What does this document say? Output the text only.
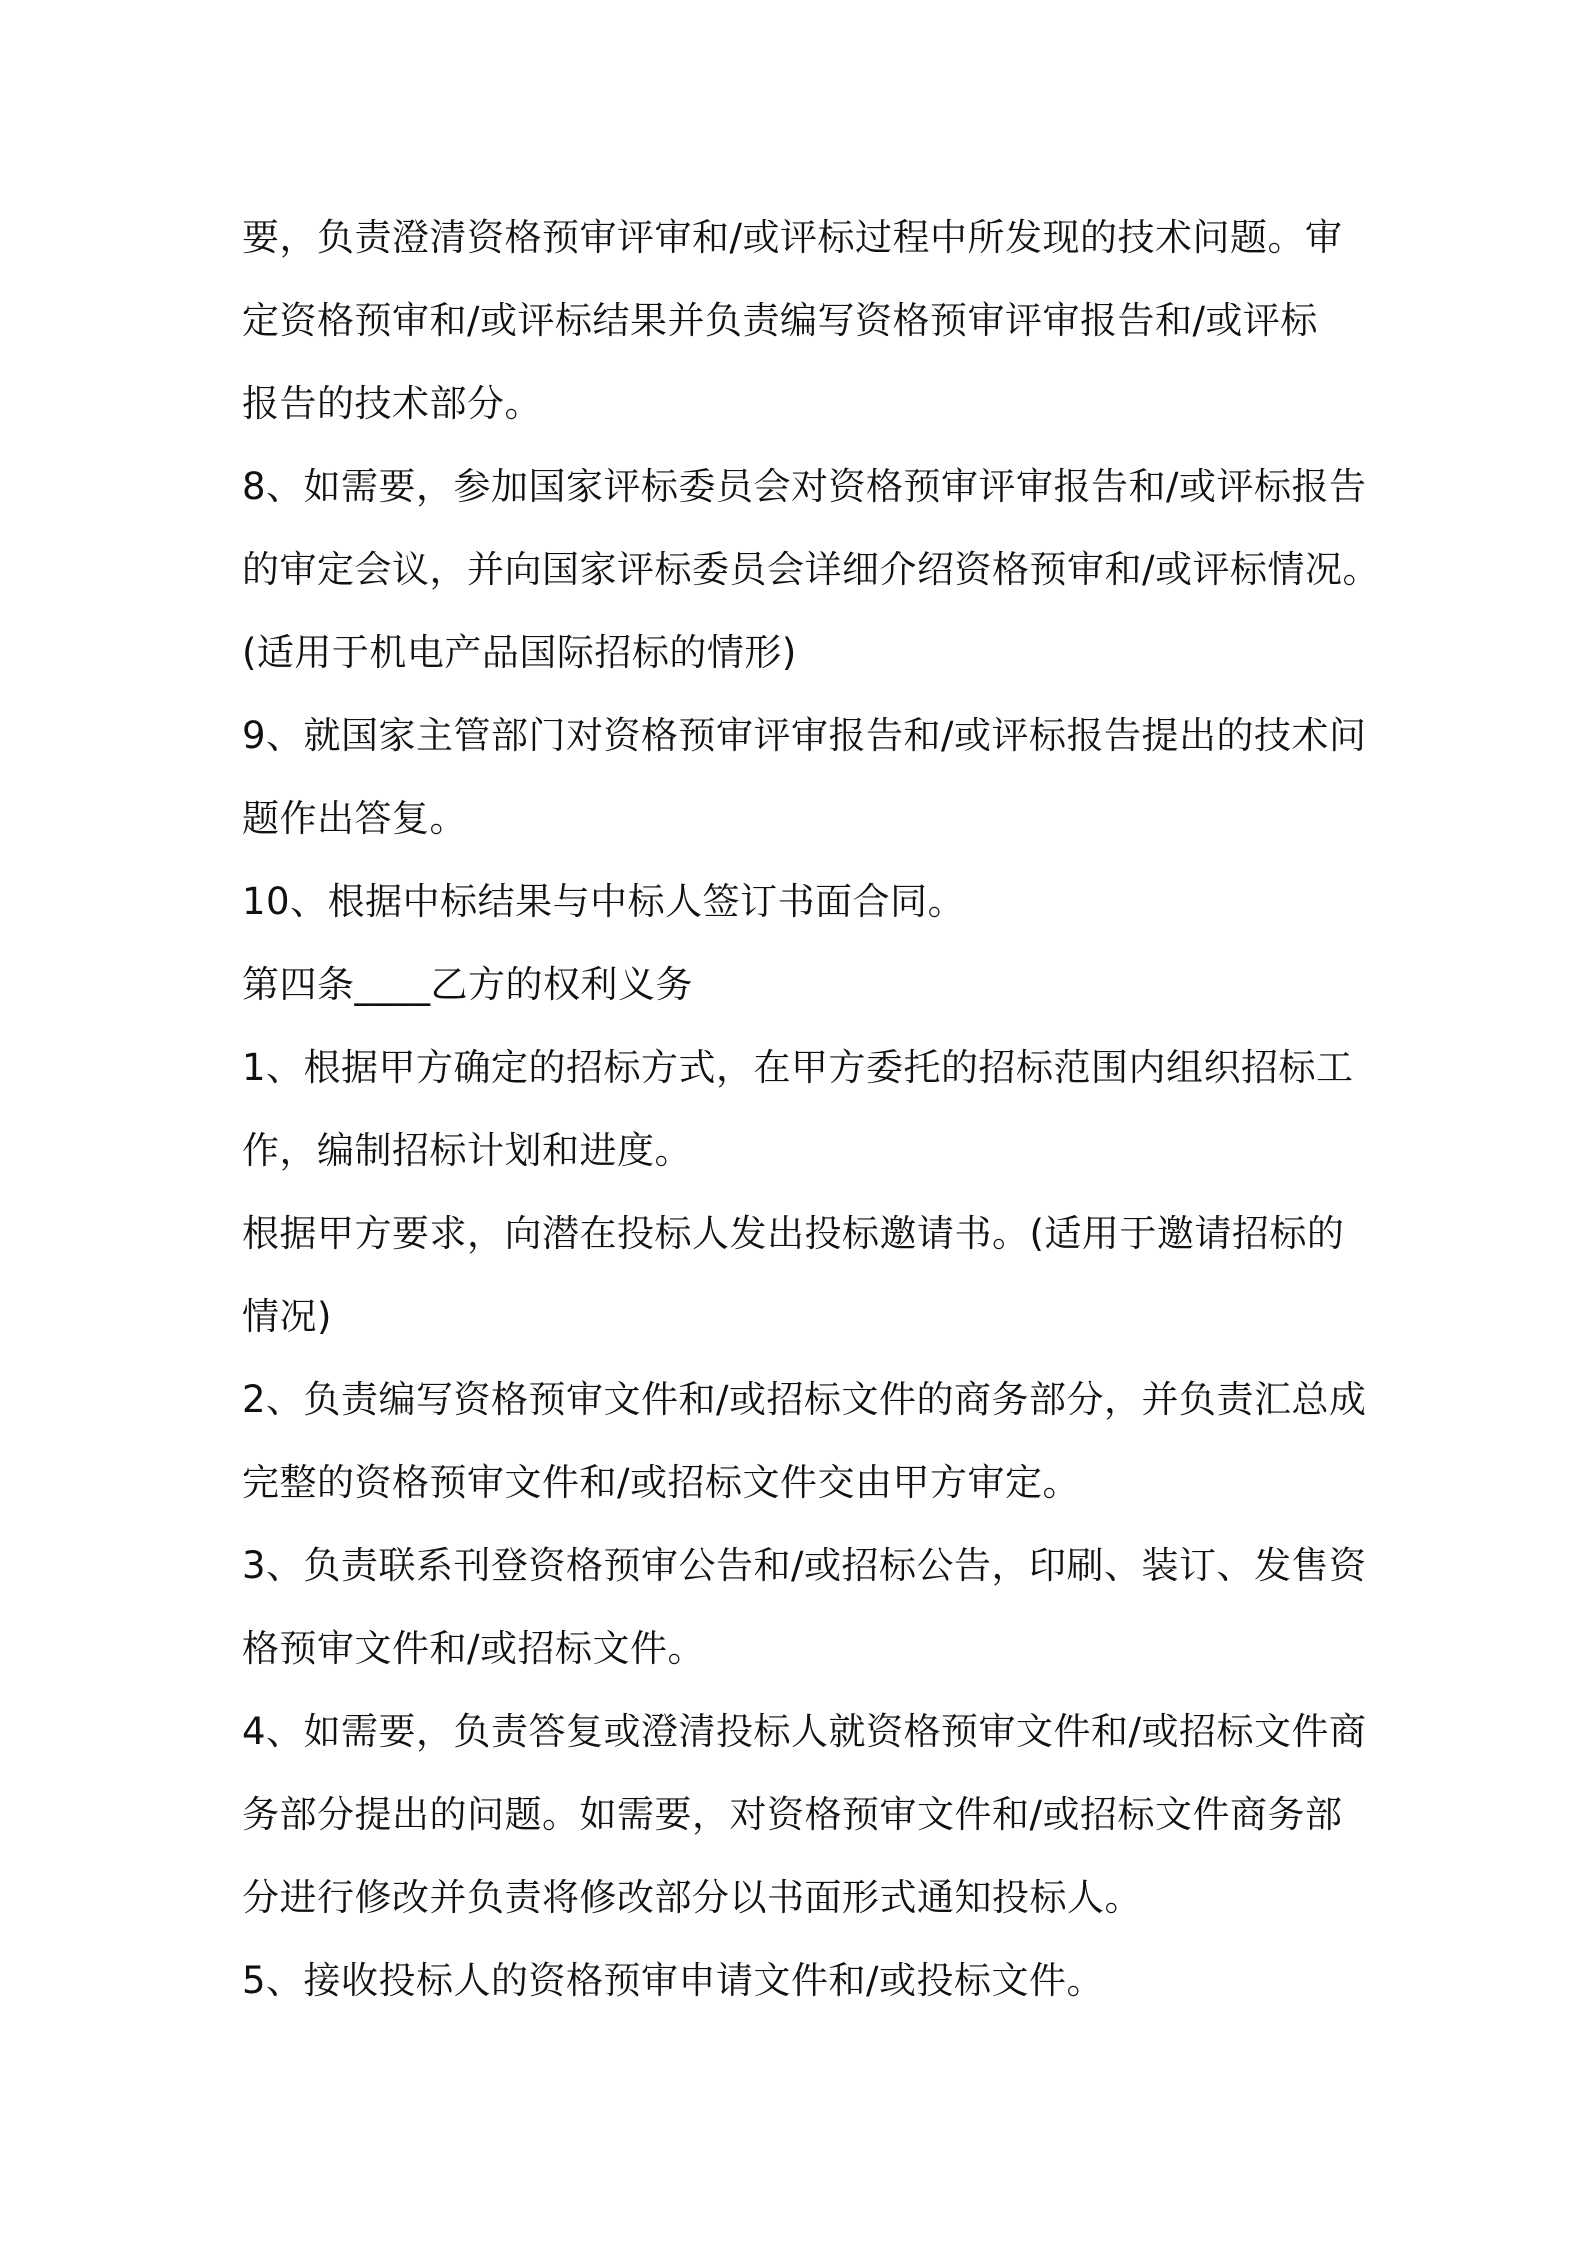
要，负责澄清资格预审评审和/或评标过程中所发现的技术问题。审
定资格预审和/或评标结果并负责编写资格预审评审报告和/或评标
报告的技术部分。
8、如需要，参加国家评标委员会对资格预审评审报告和/或评标报告
的审定会议，并向国家评标委员会详细介绍资格预审和/或评标情况。
(适用于机电产品国际招标的情形)
9、就国家主管部门对资格预审评审报告和/或评标报告提出的技术问
题作出答复。
10、根据中标结果与中标人签订书面合同。
第四条____乙方的权利义务
1、根据甲方确定的招标方式，在甲方委托的招标范围内组织招标工
作，编制招标计划和进度。
根据甲方要求，向潜在投标人发出投标邀请书。(适用于邀请招标的
情况)
2、负责编写资格预审文件和/或招标文件的商务部分，并负责汇总成
完整的资格预审文件和/或招标文件交由甲方审定。
3、负责联系刊登资格预审公告和/或招标公告，印刷、装订、发售资
格预审文件和/或招标文件。
4、如需要，负责答复或澄清投标人就资格预审文件和/或招标文件商
务部分提出的问题。如需要，对资格预审文件和/或招标文件商务部
分进行修改并负责将修改部分以书面形式通知投标人。
5、接收投标人的资格预审申请文件和/或投标文件。
